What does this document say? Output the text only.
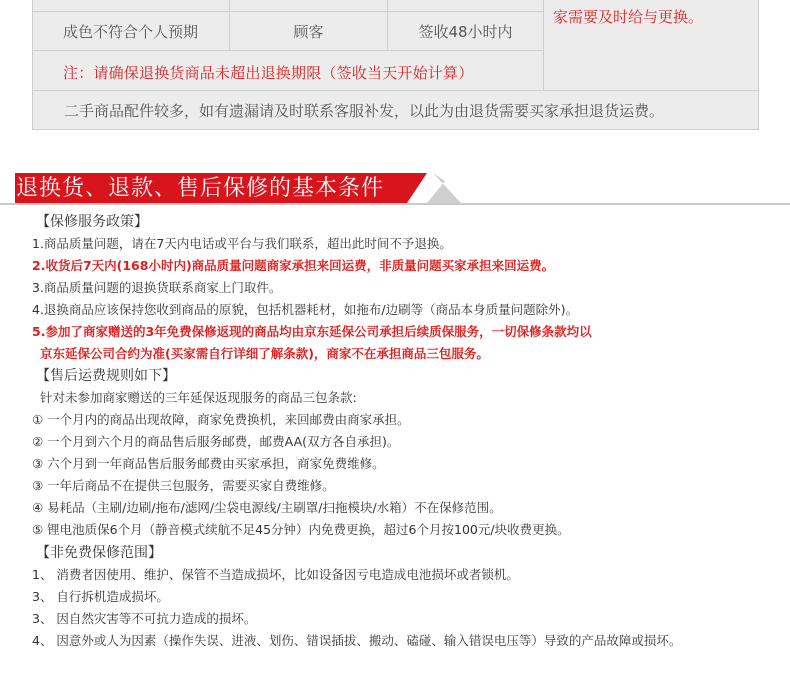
成色不符合个人预期	顾客	签收48小时内
注：请确保退换货商品未超出退换期限（签收当天开始计算）
家需要及时给与更换。
二手商品配件较多，如有遗漏请及时联系客服补发，以此为由退货需要买家承担退货运费。
退换货、退款、售后保修的基本条件
【保修服务政策】
1.商品质量问题，请在7天内电话或平台与我们联系，超出此时间不予退换。
2.收货后7天内(168小时内)商品质量问题商家承担来回运费，非质量问题买家承担来回运费。
3.商品质量问题的退换货联系商家上门取件。
4.退换商品应该保持您收到商品的原貌，包括机器耗材，如拖布/边刷等（商品本身质量问题除外)。
5.参加了商家赠送的3年免费保修返现的商品均由京东延保公司承担后续质保服务，一切保修条款均以
京东延保公司合约为准(买家需自行详细了解条款)，商家不在承担商品三包服务。
【售后运费规则如下】
针对未参加商家赠送的三年延保返现服务的商品三包条款:
① 一个月内的商品出现故障，商家免费换机，来回邮费由商家承担。
② 一个月到六个月的商品售后服务邮费，邮费AA(双方各自承担)。
③ 六个月到一年商品售后服务邮费由买家承担，商家免费维修。
③ 一年后商品不在提供三包服务，需要买家自费维修。
④ 易耗品（主刷/边刷/拖布/滤网/尘袋电源线/主刷罩/扫拖模块/水箱）不在保修范围。
⑤ 锂电池质保6个月（静音模式续航不足45分钟）内免费更换，超过6个月按100元/块收费更换。
【非免费保修范围】
1、 消费者因使用、维护、保管不当造成损坏，比如设备因亏电造成电池损坏或者锁机。
3、 自行拆机造成损坏。
3、 因自然灾害等不可抗力造成的损坏。
4、 因意外或人为因素（操作失误、进液、划伤、错误插拔、搬动、磕碰、输入错误电压等）导致的产品故障或损坏。
